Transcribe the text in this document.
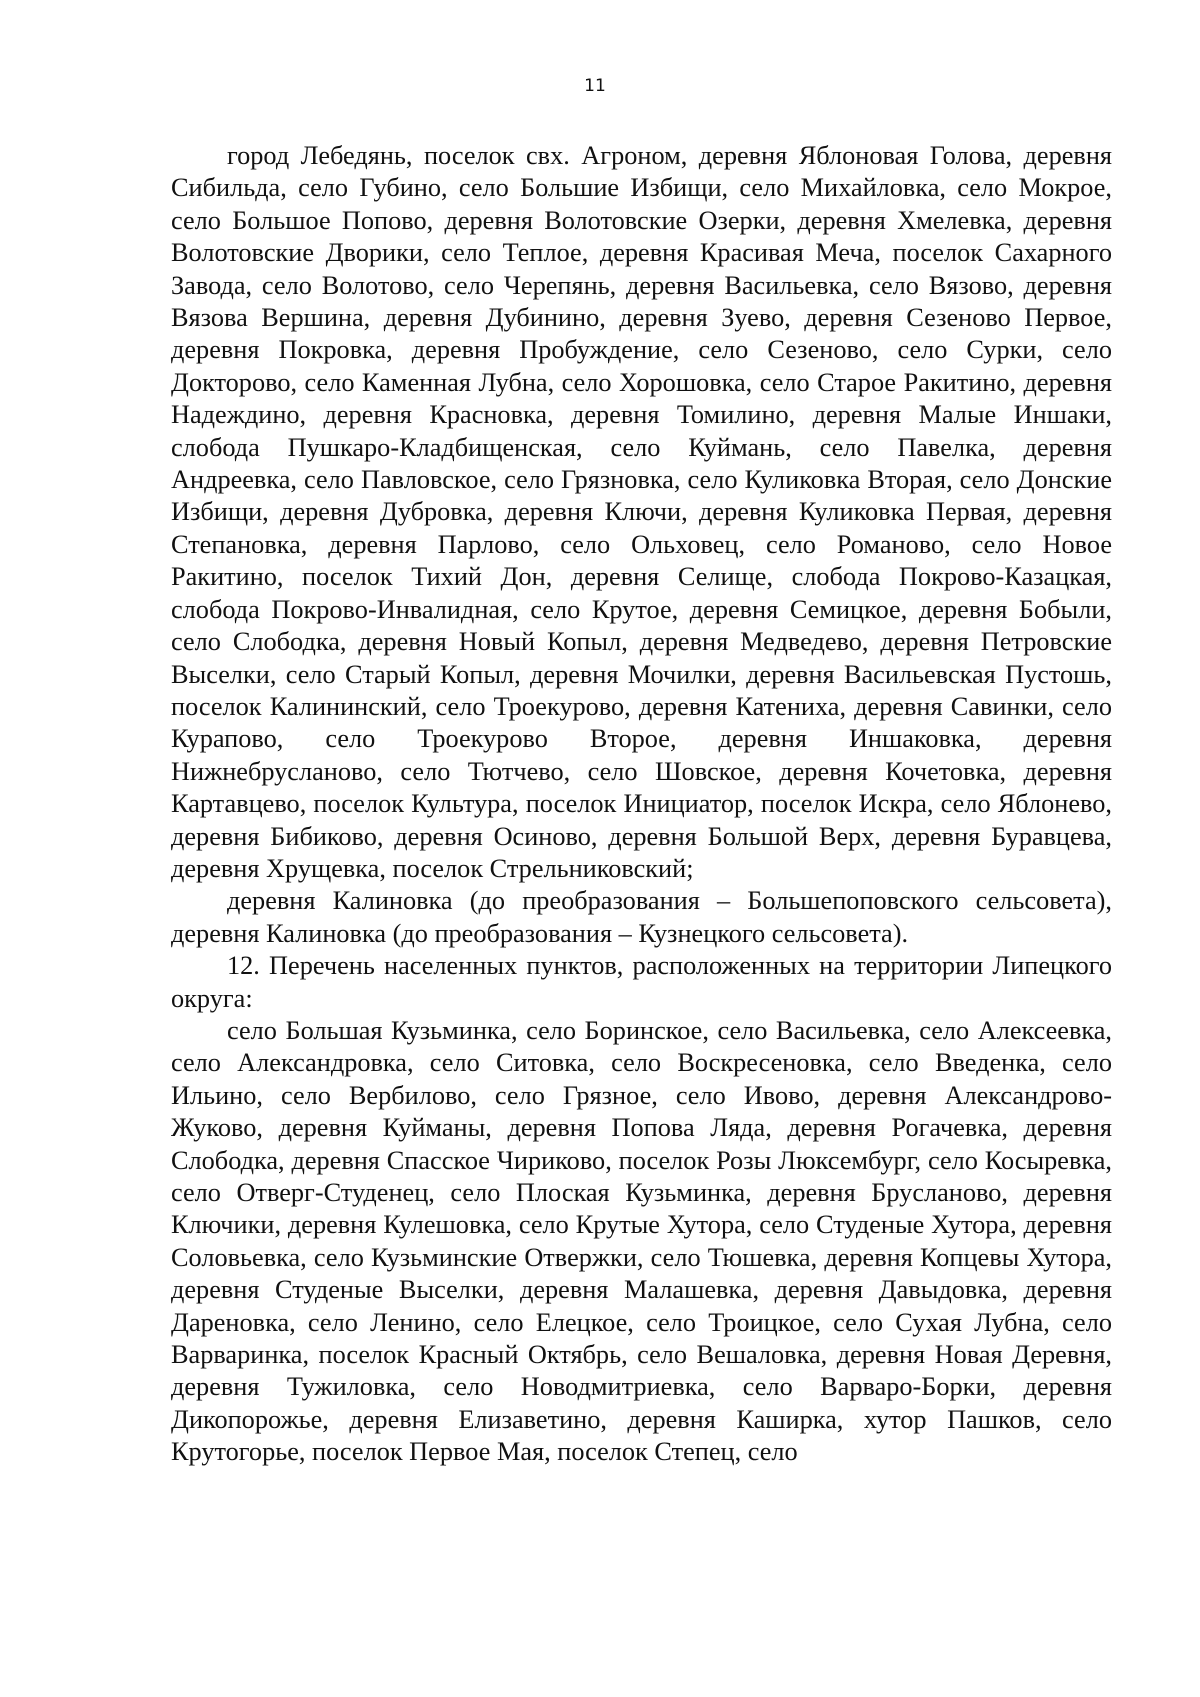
11

город Лебедянь, поселок свх. Агроном, деревня Яблоновая Голова, деревня Сибильда, село Губино, село Большие Избищи, село Михайловка, село Мокрое, село Большое Попово, деревня Волотовские Озерки, деревня Хмелевка, деревня Волотовские Дворики, село Теплое, деревня Красивая Меча, поселок Сахарного Завода, село Волотово, село Черепянь, деревня Васильевка, село Вязово, деревня Вязова Вершина, деревня Дубинино, деревня Зуево, деревня Сезеново Первое, деревня Покровка, деревня Пробуждение, село Сезеново, село Сурки, село Докторово, село Каменная Лубна, село Хорошовка, село Старое Ракитино, деревня Надеждино, деревня Красновка, деревня Томилино, деревня Малые Иншаки, слобода Пушкаро-Кладбищенская, село Куймань, село Павелка, деревня Андреевка, село Павловское, село Грязновка, село Куликовка Вторая, село Донские Избищи, деревня Дубровка, деревня Ключи, деревня Куликовка Первая, деревня Степановка, деревня Парлово, село Ольховец, село Романово, село Новое Ракитино, поселок Тихий Дон, деревня Селище, слобода Покрово-Казацкая, слобода Покрово-Инвалидная, село Крутое, деревня Семицкое, деревня Бобыли, село Слободка, деревня Новый Копыл, деревня Медведево, деревня Петровские Выселки, село Старый Копыл, деревня Мочилки, деревня Васильевская Пустошь, поселок Калининский, село Троекурово, деревня Катениха, деревня Савинки, село Курапово, село Троекурово Второе, деревня Иншаковка, деревня Нижнебрусланово, село Тютчево, село Шовское, деревня Кочетовка, деревня Картавцево, поселок Культура, поселок Инициатор, поселок Искра, село Яблонево, деревня Бибиково, деревня Осиново, деревня Большой Верх, деревня Буравцева, деревня Хрущевка, поселок Стрельниковский;

деревня Калиновка (до преобразования – Большепоповского сельсовета), деревня Калиновка (до преобразования – Кузнецкого сельсовета).

12. Перечень населенных пунктов, расположенных на территории Липецкого округа:

село Большая Кузьминка, село Боринское, село Васильевка, село Алексеевка, село Александровка, село Ситовка, село Воскресеновка, село Введенка, село Ильино, село Вербилово, село Грязное, село Ивово, деревня Александрово-Жуково, деревня Куйманы, деревня Попова Ляда, деревня Рогачевка, деревня Слободка, деревня Спасское Чириково, поселок Розы Люксембург, село Косыревка, село Отверг-Студенец, село Плоская Кузьминка, деревня Брусланово, деревня Ключики, деревня Кулешовка, село Крутые Хутора, село Студеные Хутора, деревня Соловьевка, село Кузьминские Отвержки, село Тюшевка, деревня Копцевы Хутора, деревня Студеные Выселки, деревня Малашевка, деревня Давыдовка, деревня Дареновка, село Ленино, село Елецкое, село Троицкое, село Сухая Лубна, село Варваринка, поселок Красный Октябрь, село Вешаловка, деревня Новая Деревня, деревня Тужиловка, село Новодмитриевка, село Варваро-Борки, деревня Дикопорожье, деревня Елизаветино, деревня Каширка, хутор Пашков, село Крутогорье, поселок Первое Мая, поселок Степец, село
